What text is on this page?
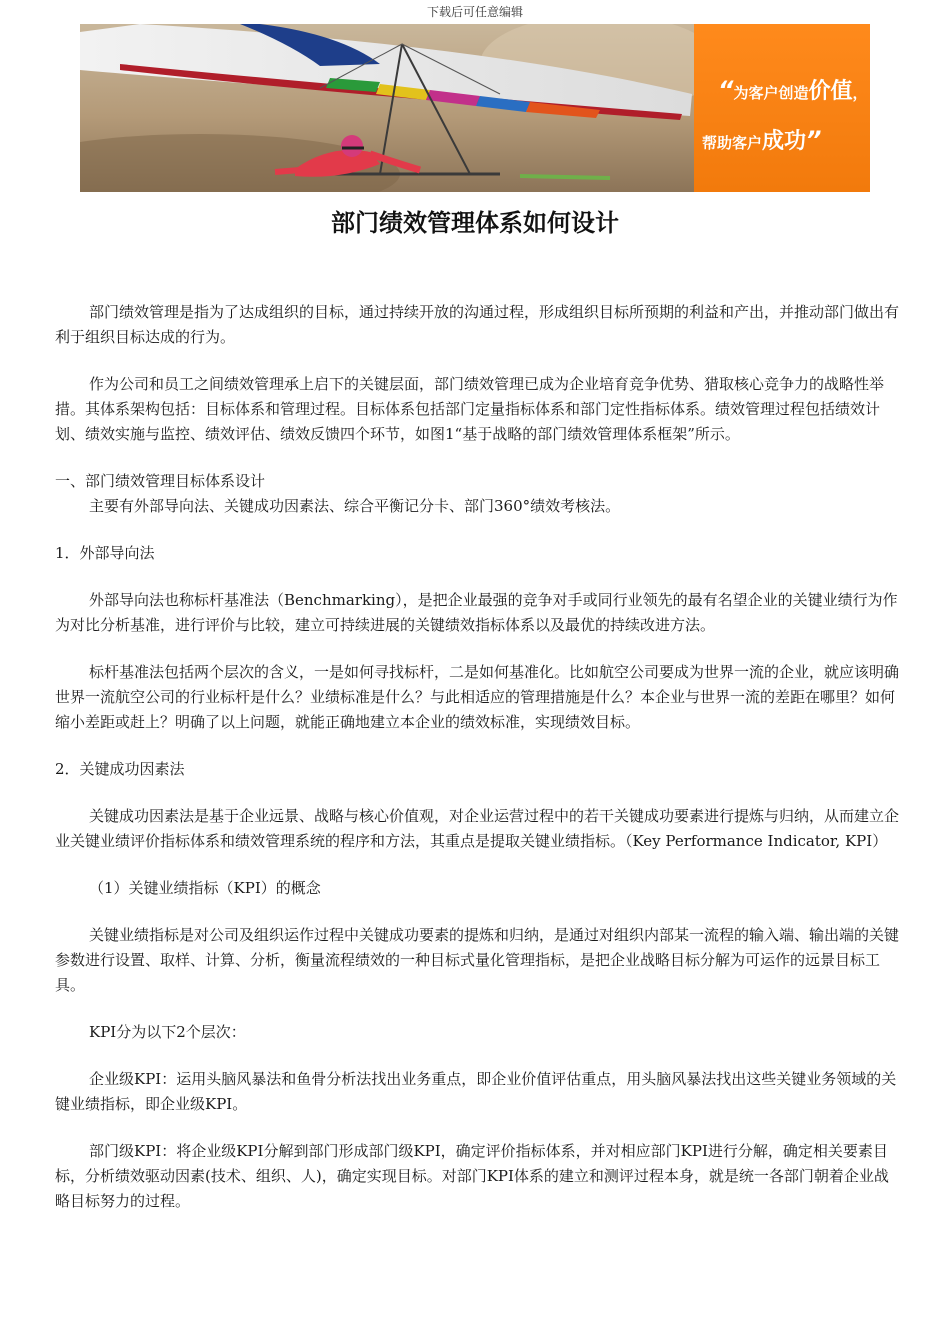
下载后可任意编辑
“为客户创造价值，
帮助客户成功”
部门绩效管理体系如何设计

部门绩效管理是指为了达成组织的目标，通过持续开放的沟通过程，形成组织目标所预期的利益和产出，并推动部门做出有利于组织目标达成的行为。

作为公司和员工之间绩效管理承上启下的关键层面，部门绩效管理已成为企业培育竞争优势、猎取核心竞争力的战略性举措。其体系架构包括：目标体系和管理过程。目标体系包括部门定量指标体系和部门定性指标体系。绩效管理过程包括绩效计划、绩效实施与监控、绩效评估、绩效反馈四个环节，如图1“基于战略的部门绩效管理体系框架”所示。

一、部门绩效管理目标体系设计

主要有外部导向法、关键成功因素法、综合平衡记分卡、部门360°绩效考核法。

1．外部导向法

外部导向法也称标杆基准法（Benchmarking），是把企业最强的竞争对手或同行业领先的最有名望企业的关键业绩行为作为对比分析基准，进行评价与比较，建立可持续进展的关键绩效指标体系以及最优的持续改进方法。

标杆基准法包括两个层次的含义，一是如何寻找标杆，二是如何基准化。比如航空公司要成为世界一流的企业，就应该明确世界一流航空公司的行业标杆是什么？业绩标准是什么？与此相适应的管理措施是什么？本企业与世界一流的差距在哪里？如何缩小差距或赶上？明确了以上问题，就能正确地建立本企业的绩效标准，实现绩效目标。

2．关键成功因素法

关键成功因素法是基于企业远景、战略与核心价值观，对企业运营过程中的若干关键成功要素进行提炼与归纳，从而建立企业关键业绩评价指标体系和绩效管理系统的程序和方法，其重点是提取关键业绩指标。（Key Performance Indicator, KPI）

（1）关键业绩指标（KPI）的概念

关键业绩指标是对公司及组织运作过程中关键成功要素的提炼和归纳，是通过对组织内部某一流程的输入端、输出端的关键参数进行设置、取样、计算、分析，衡量流程绩效的一种目标式量化管理指标，是把企业战略目标分解为可运作的远景目标工具。

KPI分为以下2个层次：

企业级KPI：运用头脑风暴法和鱼骨分析法找出业务重点，即企业价值评估重点，用头脑风暴法找出这些关键业务领域的关键业绩指标，即企业级KPI。

部门级KPI：将企业级KPI分解到部门形成部门级KPI，确定评价指标体系，并对相应部门KPI进行分解，确定相关要素目标，分析绩效驱动因素(技术、组织、人)，确定实现目标。对部门KPI体系的建立和测评过程本身，就是统一各部门朝着企业战略目标努力的过程。
